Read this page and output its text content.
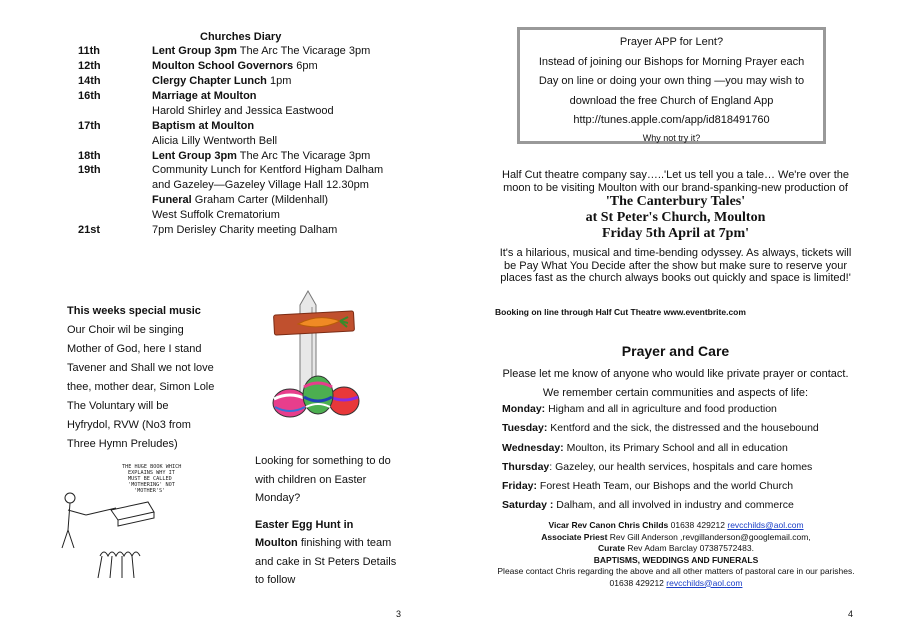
Churches Diary
11th	Lent Group 3pm The Arc The Vicarage 3pm
12th	Moulton School Governors 6pm
14th	Clergy Chapter Lunch 1pm
16th	Marriage at Moulton
Harold Shirley and Jessica Eastwood
17th	Baptism at Moulton
Alicia Lilly Wentworth Bell
18th	Lent Group 3pm The Arc The Vicarage 3pm
19th	Community Lunch for Kentford Higham Dalham
and Gazeley—Gazeley Village Hall 12.30pm
Funeral Graham Carter (Mildenhall)
West Suffolk Crematorium
21st	7pm Derisley Charity meeting Dalham
This weeks special music
Our Choir wil be singing
Mother of God, here I stand
Tavener and Shall we not love
thee, mother dear, Simon Lole
The Voluntary will be
Hyfrydol, RVW (No3 from
Three Hymn Preludes)
THE HUGE BOOK WHICH
EXPLAINS WHY IT
MUST BE CALLED
'MOTHERING' NOT
'MOTHER'S'
Looking for something to do with children on Easter Monday?
Easter Egg Hunt in Moulton finishing with team and cake in St Peters Details to follow
3
Prayer APP for Lent?
Instead of joining our Bishops for Morning Prayer each
Day on line or doing your own thing —you may wish to
download the free Church of England App
http://tunes.apple.com/app/id818491760
Why not try it?
Half Cut theatre company say…..'Let us tell you a tale… We're over the moon to be visiting Moulton with our brand-spanking-new production of
'The Canterbury Tales'
at St Peter's Church, Moulton
Friday 5th April at 7pm'
It's a hilarious, musical and time-bending odyssey. As always, tickets will be Pay What You Decide after the show but make sure to reserve your places fast as the church always books out quickly and space is limited!'
Booking on line through Half Cut Theatre www.eventbrite.com
Prayer and Care
Please let me know of anyone who would like private prayer or contact. We remember certain communities and aspects of life:
Monday: Higham and all in agriculture and food production
Tuesday: Kentford and the sick, the distressed and the housebound
Wednesday: Moulton, its Primary School and all in education
Thursday: Gazeley, our health services, hospitals and care homes
Friday: Forest Heath Team, our Bishops and the world Church
Saturday : Dalham, and all involved in industry and commerce
Vicar Rev Canon Chris Childs 01638 429212 revcchilds@aol.com
Associate Priest Rev Gill Anderson ,revgillanderson@googlemail.com,
Curate Rev Adam Barclay 07387572483.
BAPTISMS, WEDDINGS AND FUNERALS
Please contact Chris regarding the above and all other matters of pastoral care in our parishes. 01638 429212 revcchilds@aol.com
4
